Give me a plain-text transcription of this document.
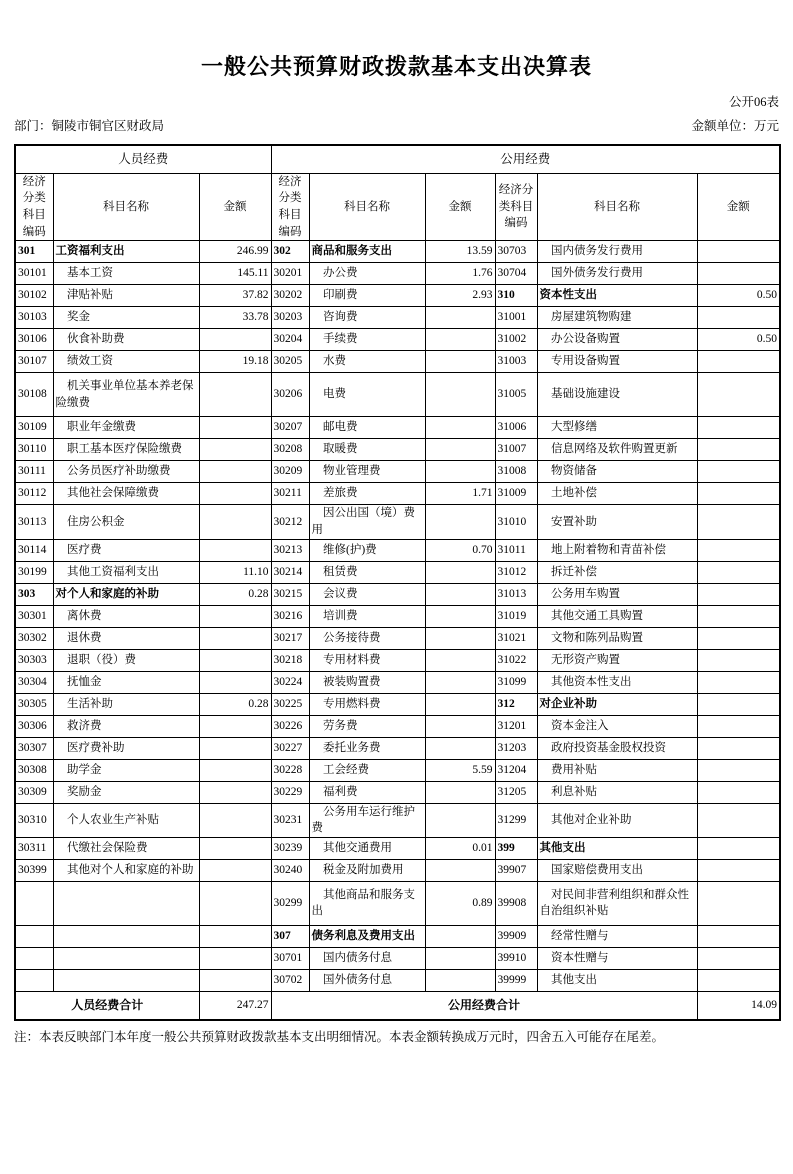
一般公共预算财政拨款基本支出决算表
公开06表
部门：铜陵市铜官区财政局	金额单位：万元
人员经费			公用经费					
经济分类科目编码	科目名称	金额	经济分类科目编码	科目名称	金额	经济分类科目编码	科目名称	金额
301	工资福利支出	246.99	302	商品和服务支出	13.59	30703	国内债务发行费用	
30101	基本工资	145.11	30201	办公费	1.76	30704	国外债务发行费用	
30102	津贴补贴	37.82	30202	印刷费	2.93	310	资本性支出	0.50
30103	奖金	33.78	30203	咨询费		31001	房屋建筑物购建	
30106	伙食补助费		30204	手续费		31002	办公设备购置	0.50
30107	绩效工资	19.18	30205	水费		31003	专用设备购置	
30108	机关事业单位基本养老保险缴费		30206	电费		31005	基础设施建设	
30109	职业年金缴费		30207	邮电费		31006	大型修缮	
30110	职工基本医疗保险缴费		30208	取暖费		31007	信息网络及软件购置更新	
30111	公务员医疗补助缴费		30209	物业管理费		31008	物资储备	
30112	其他社会保障缴费		30211	差旅费	1.71	31009	土地补偿	
30113	住房公积金		30212	因公出国（境）费用		31010	安置补助	
30114	医疗费		30213	维修(护)费	0.70	31011	地上附着物和青苗补偿	
30199	其他工资福利支出	11.10	30214	租赁费		31012	拆迁补偿	
303	对个人和家庭的补助	0.28	30215	会议费		31013	公务用车购置	
30301	离休费		30216	培训费		31019	其他交通工具购置	
30302	退休费		30217	公务接待费		31021	文物和陈列品购置	
30303	退职（役）费		30218	专用材料费		31022	无形资产购置	
30304	抚恤金		30224	被装购置费		31099	其他资本性支出	
30305	生活补助	0.28	30225	专用燃料费		312	对企业补助	
30306	救济费		30226	劳务费		31201	资本金注入	
30307	医疗费补助		30227	委托业务费		31203	政府投资基金股权投资	
30308	助学金		30228	工会经费	5.59	31204	费用补贴	
30309	奖励金		30229	福利费		31205	利息补贴	
30310	个人农业生产补贴		30231	公务用车运行维护费		31299	其他对企业补助	
30311	代缴社会保险费		30239	其他交通费用	0.01	399	其他支出	
30399	其他对个人和家庭的补助		30240	税金及附加费用		39907	国家赔偿费用支出	
			30299	其他商品和服务支出	0.89	39908	对民间非营利组织和群众性自治组织补贴	
			307	债务利息及费用支出		39909	经常性赠与	
			30701	国内债务付息		39910	资本性赠与	
			30702	国外债务付息		39999	其他支出	
人员经费合计		247.27	公用经费合计					14.09
注：本表反映部门本年度一般公共预算财政拨款基本支出明细情况。本表金额转换成万元时，四舍五入可能存在尾差。
